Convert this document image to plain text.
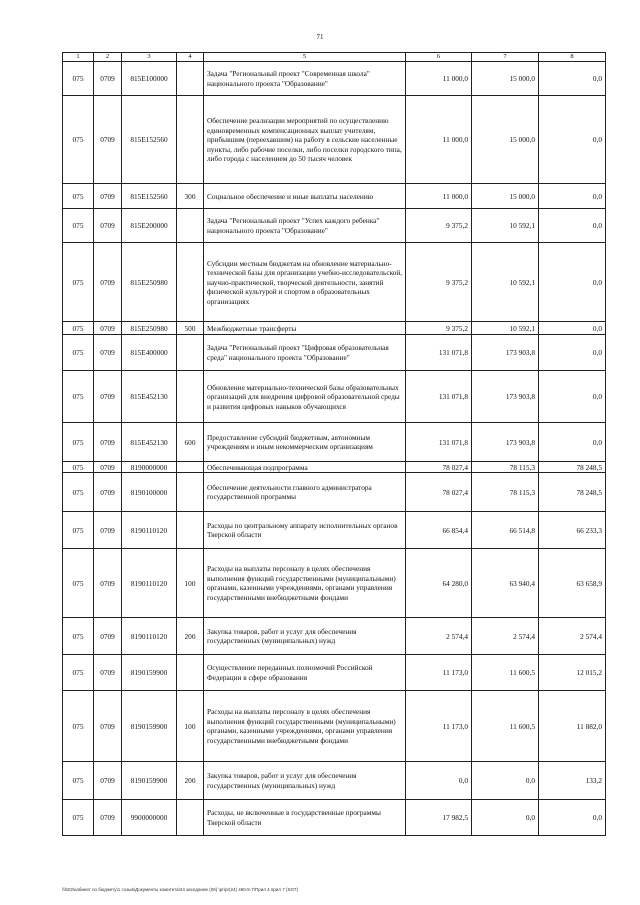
71
1	2	3	4	5	6	7	8
075	0709	815E100000		Задача "Региональный проект "Современная школа" национального проекта "Образование"	11 000,0	15 000,0	0,0
075	0709	815E152560		Обеспечение реализации мероприятий по осуществлению единовременных компенсационных выплат учителям, прибывшим (переехавшим) на работу в сельские населенные пункты, либо рабочие поселки, либо поселки городского типа, либо города с населением до 50 тысяч человек	11 000,0	15 000,0	0,0
075	0709	815E152560	300	Социальное обеспечение и иные выплаты населению	11 000,0	15 000,0	0,0
075	0709	815E200000		Задача "Региональный проект "Успех каждого ребенка" национального проекта "Образование"	9 375,2	10 592,1	0,0
075	0709	815E250980		Субсидии местным бюджетам на обновление материально-технической базы для организации учебно-исследовательской, научно-практической, творческой деятельности, занятий физической культурой и спортом в образовательных организациях	9 375,2	10 592,1	0,0
075	0709	815E250980	500	Межбюджетные трансферты	9 375,2	10 592,1	0,0
075	0709	815E400000		Задача "Региональный проект "Цифровая образовательная среда" национального проекта "Образование"	131 071,8	173 903,8	0,0
075	0709	815E452130		Обновление материально-технической базы образовательных организаций для внедрения цифровой образовательной среды и развития цифровых навыков обучающихся	131 071,8	173 903,8	0,0
075	0709	815E452130	600	Предоставление субсидий бюджетным, автономным учреждениям и иным некоммерческим организациям	131 071,8	173 903,8	0,0
075	0709	8190000000		Обеспечивающая подпрограмма	78 027,4	78 115,3	78 248,5
075	0709	8190100000		Обеспечение деятельности главного администратора государственной программы	78 027,4	78 115,3	78 248,5
075	0709	8190110120		Расходы по центральному аппарату исполнительных органов Тверской области	66 854,4	66 514,8	66 233,3
075	0709	8190110120	100	Расходы на выплаты персоналу в целях обеспечения выполнения функций государственными (муниципальными) органами, казенными учреждениями, органами управления государственными внебюджетными фондами	64 280,0	63 940,4	63 658,9
075	0709	8190110120	200	Закупка товаров, работ и услуг для обеспечения государственных (муниципальных) нужд	2 574,4	2 574,4	2 574,4
075	0709	8190159900		Осуществление переданных полномочий Российской Федерации в сфере образования	11 173,0	11 600,5	12 015,2
075	0709	8190159900	100	Расходы на выплаты персоналу в целях обеспечения выполнения функций государственными (муниципальными) органами, казенными учреждениями, органами управления государственными внебюджетными фондами	11 173,0	11 600,5	11 882,0
075	0709	8190159900	200	Закупка товаров, работ и услуг для обеспечения государственных (муниципальных) нужд	0,0	0,0	133,2
075	0709	9900000000		Расходы, не включенные в государственные программы Тверской области	17 982,5	0,0	0,0
\\fs02\кабинет по бюджету\1 созыв\Документы комитета\24 заседание (06) \pr\pr(24) 460-5-7\Прил 4 прил 7 (SO7)
